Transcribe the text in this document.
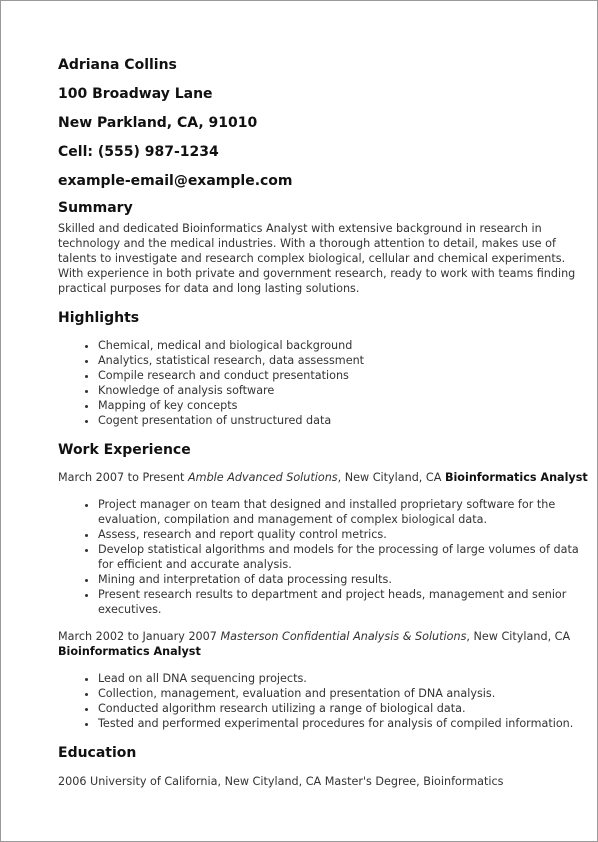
Adriana Collins
100 Broadway Lane
New Parkland, CA, 91010
Cell: (555) 987-1234
example-email@example.com
Summary

Skilled and dedicated Bioinformatics Analyst with extensive background in research in technology and the medical industries. With a thorough attention to detail, makes use of talents to investigate and research complex biological, cellular and chemical experiments. With experience in both private and government research, ready to work with teams finding practical purposes for data and long lasting solutions.

Highlights
• Chemical, medical and biological background
• Analytics, statistical research, data assessment
• Compile research and conduct presentations
• Knowledge of analysis software
• Mapping of key concepts
• Cogent presentation of unstructured data
Work Experience

March 2007 to Present Amble Advanced Solutions, New Cityland, CA Bioinformatics Analyst

• Project manager on team that designed and installed proprietary software for the evaluation, compilation and management of complex biological data.
• Assess, research and report quality control metrics.
• Develop statistical algorithms and models for the processing of large volumes of data for efficient and accurate analysis.
• Mining and interpretation of data processing results.
• Present research results to department and project heads, management and senior executives.

March 2002 to January 2007 Masterson Confidential Analysis & Solutions, New Cityland, CA Bioinformatics Analyst

• Lead on all DNA sequencing projects.
• Collection, management, evaluation and presentation of DNA analysis.
• Conducted algorithm research utilizing a range of biological data.
• Tested and performed experimental procedures for analysis of compiled information.
Education

2006 University of California, New Cityland, CA Master's Degree, Bioinformatics
